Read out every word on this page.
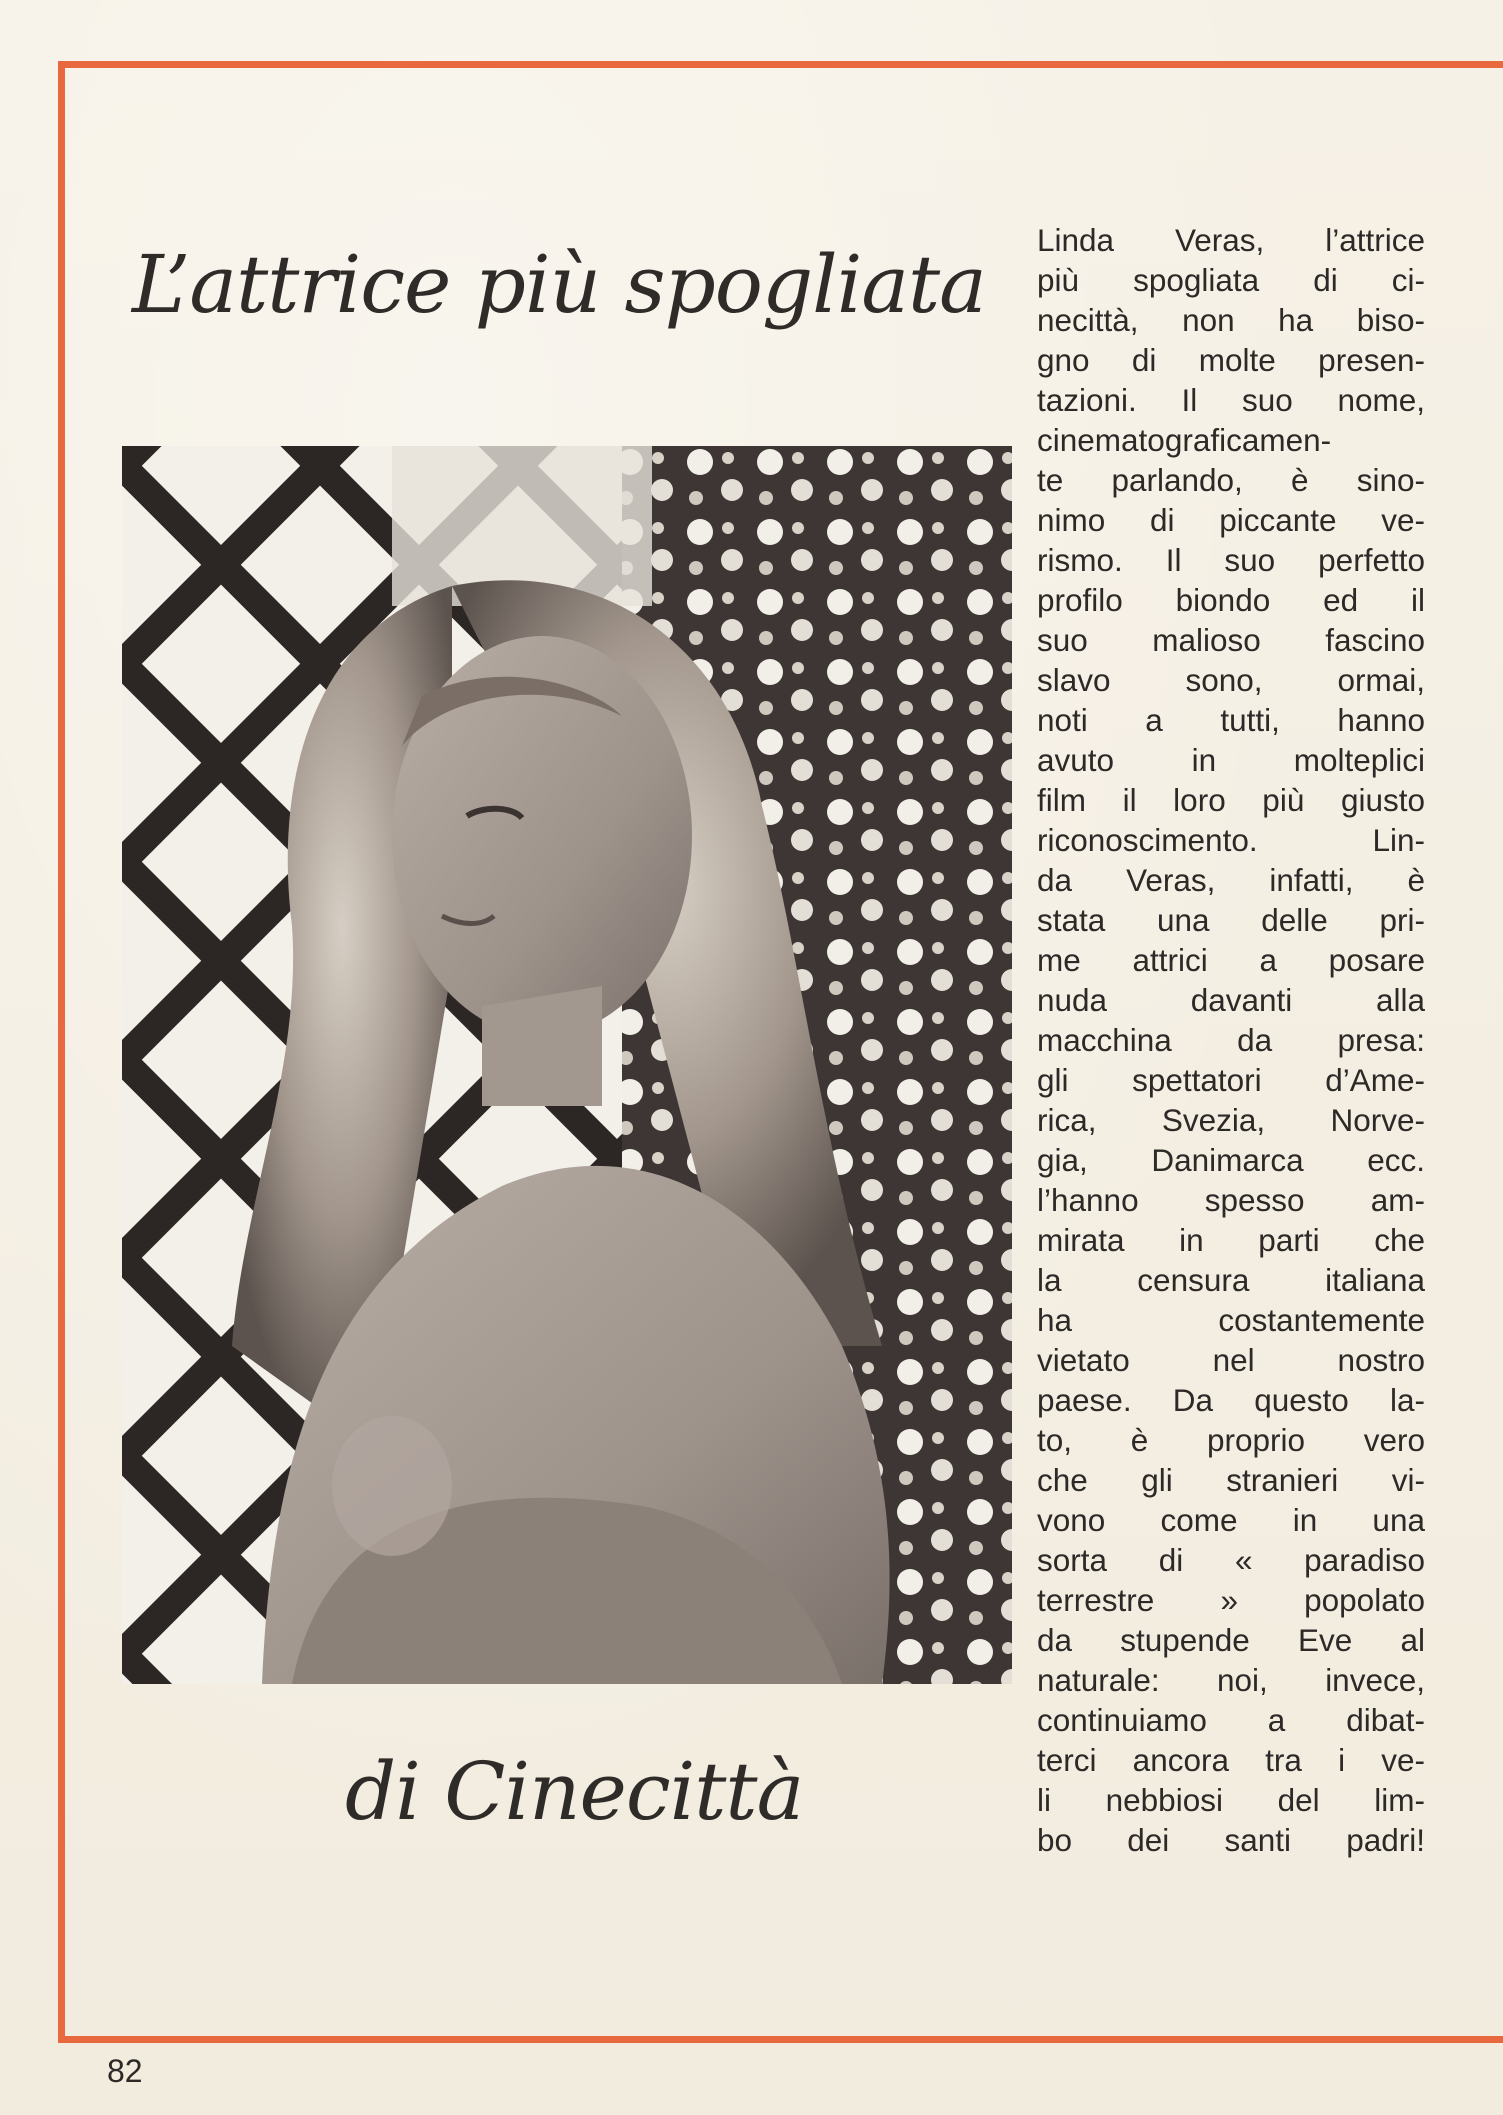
L’attrice più spogliata
di Cinecittà
Linda Veras, l’attrice
più spogliata di ci-
necittà, non ha biso-
gno di molte presen-
tazioni. Il suo nome,
cinematograficamen-
te parlando, è sino-
nimo di piccante ve-
rismo. Il suo perfetto
profilo biondo ed il
suo malioso fascino
slavo sono, ormai,
noti a tutti, hanno
avuto in molteplici
film il loro più giusto
riconoscimento. Lin-
da Veras, infatti, è
stata una delle pri-
me attrici a posare
nuda davanti alla
macchina da presa:
gli spettatori d’Ame-
rica, Svezia, Norve-
gia, Danimarca ecc.
l’hanno spesso am-
mirata in parti che
la censura italiana
ha costantemente
vietato nel nostro
paese. Da questo la-
to, è proprio vero
che gli stranieri vi-
vono come in una
sorta di « paradiso
terrestre » popolato
da stupende Eve al
naturale: noi, invece,
continuiamo a dibat-
terci ancora tra i ve-
li nebbiosi del lim-
bo dei santi padri!
82
